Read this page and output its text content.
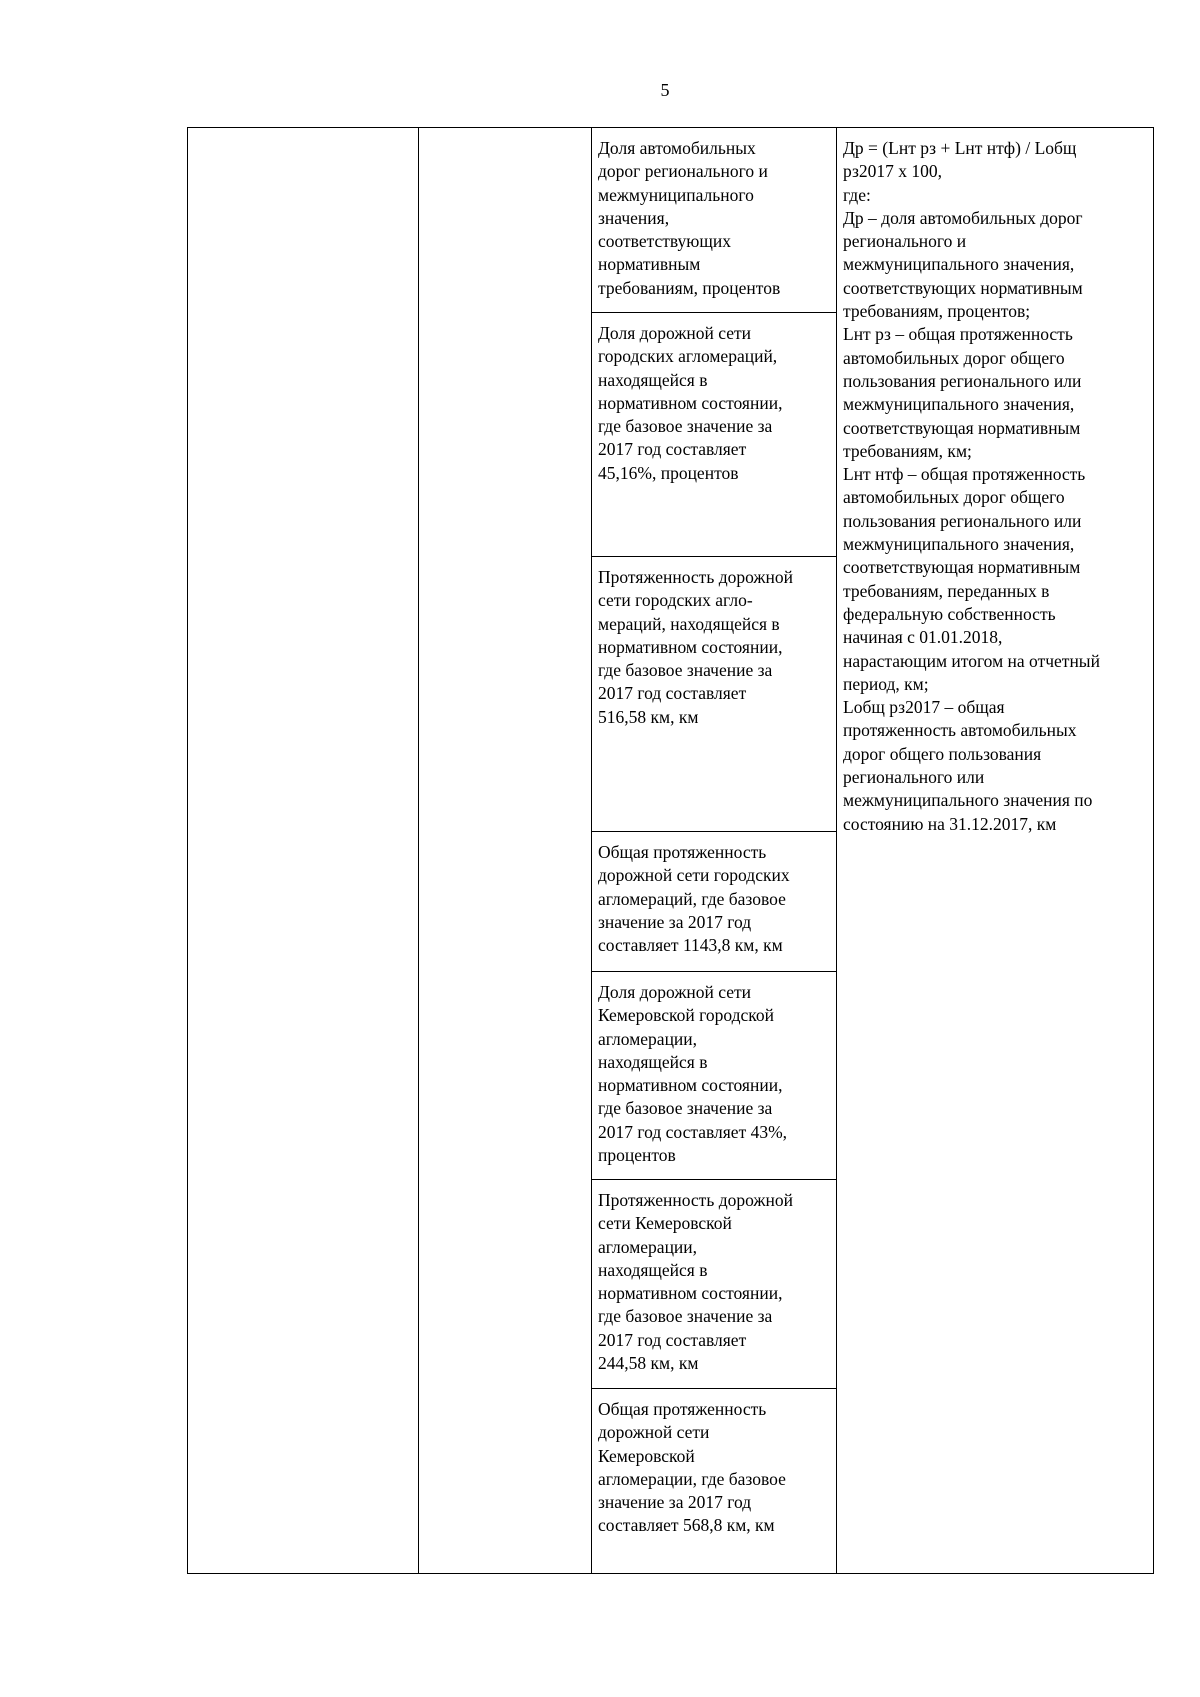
5

Доля автомобильных
дорог регионального и
межмуниципального
значения,
соответствующих
нормативным
требованиям, процентов

Др = (Lнт рз + Lнт нтф) / Lобщ
рз2017 х 100,
где:
Др – доля автомобильных дорог
регионального и
межмуниципального значения,
соответствующих нормативным
требованиям, процентов;
Lнт рз – общая протяженность
автомобильных дорог общего
пользования регионального или
межмуниципального значения,
соответствующая нормативным
требованиям, км;
Lнт нтф – общая протяженность
автомобильных дорог общего
пользования регионального или
межмуниципального значения,
соответствующая нормативным
требованиям, переданных в
федеральную собственность
начиная с 01.01.2018,
нарастающим итогом на отчетный
период, км;
Lобщ рз2017 – общая
протяженность автомобильных
дорог общего пользования
регионального или
межмуниципального значения по
состоянию на 31.12.2017, км

Доля дорожной сети
городских агломераций,
находящейся в
нормативном состоянии,
где базовое значение за
2017 год составляет
45,16%, процентов

Протяженность дорожной
сети городских агло-
мераций, находящейся в
нормативном состоянии,
где базовое значение за
2017 год составляет
516,58 км, км

Общая протяженность
дорожной сети городских
агломераций, где базовое
значение за 2017 год
составляет 1143,8 км, км

Доля дорожной сети
Кемеровской городской
агломерации,
находящейся в
нормативном состоянии,
где базовое значение за
2017 год составляет 43%,
процентов

Протяженность дорожной
сети Кемеровской
агломерации,
находящейся в
нормативном состоянии,
где базовое значение за
2017 год составляет
244,58 км, км

Общая протяженность
дорожной сети
Кемеровской
агломерации, где базовое
значение за 2017 год
составляет 568,8 км, км
